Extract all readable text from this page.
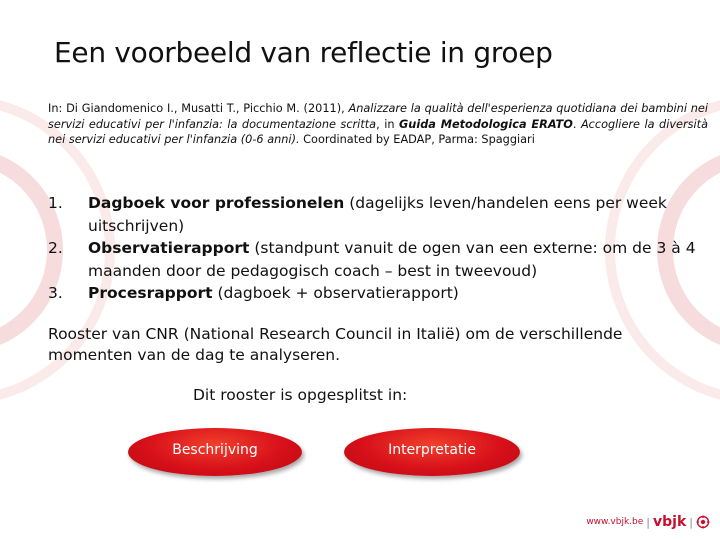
Een voorbeeld van reflectie in groep
In: Di Giandomenico I., Musatti T., Picchio M. (2011), Analizzare la qualità dell'esperienza quotidiana dei bambini nei servizi educativi per l'infanzia: la documentazione scritta, in Guida Metodologica ERATO. Accogliere la diversità nei servizi educativi per l'infanzia (0-6 anni). Coordinated by EADAP, Parma: Spaggiari
1. Dagboek voor professionelen (dagelijks leven/handelen eens per week uitschrijven)
2. Observatierapport (standpunt vanuit de ogen van een externe: om de 3 à 4 maanden door de pedagogisch coach – best in tweevoud)
3. Procesrapport (dagboek + observatierapport)

Rooster van CNR (National Research Council in Italië) om de verschillende momenten van de dag te analyseren.

Dit rooster is opgesplitst in:

Beschrijving	Interpretatie
www.vbjk.be | vbjk |
